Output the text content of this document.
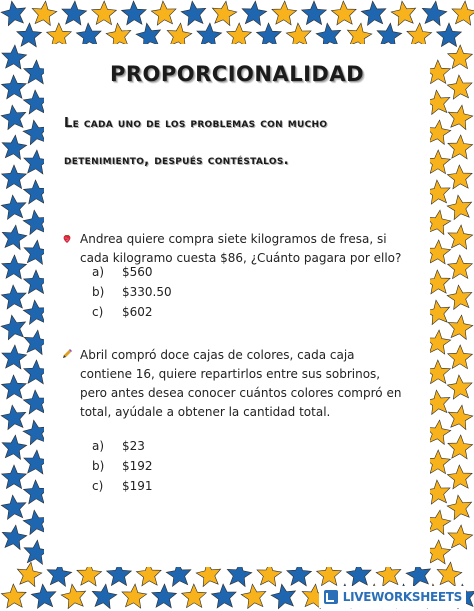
PROPORCIONALIDAD
Le cada uno de los problemas con mucho
detenimiento, después contéstalos.
Andrea quiere compra siete kilogramos de fresa, si cada kilogramo cuesta $86, ¿Cuánto pagara por ello?
a) $560
b) $330.50
c) $602
Abril compró doce cajas de colores, cada caja contiene 16, quiere repartirlos entre sus sobrinos, pero antes desea conocer cuántos colores compró en total, ayúdale a obtener la cantidad total.
a) $23
b) $192
c) $191
LIVEWORKSHEETS
